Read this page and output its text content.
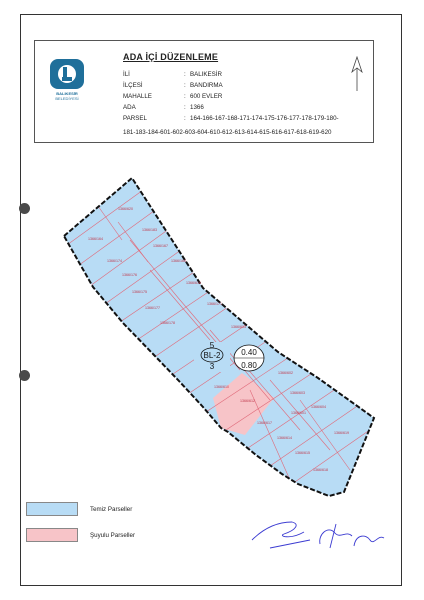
BALIKESİR
BELEDİYESİ
ADA İÇİ DÜZENLEME
İLİ	: BALIKESİR
İLÇESİ	: BANDIRMA
MAHALLE	: 600 EVLER
ADA	: 1366
PARSEL	: 164-166-167-168-171-174-175-176-177-178-179-180-
181-183-184-601-602-603-604-610-612-613-614-615-616-617-618-619-620
1366/620
1366/164
1366/183
1366/174
1366/167
1366/168
1366/176
1366/616
1366/175
1366/171
1366/177
1366/178
1366/613
1366/612
1366/602
1366/610
1366/617
1366/603
1366/601
1366/604
1366/614
1366/619
1366/615
1366/618
5
BL-2
3
0.40
0.80
Temiz Parseller
Şuyulu Parseller
